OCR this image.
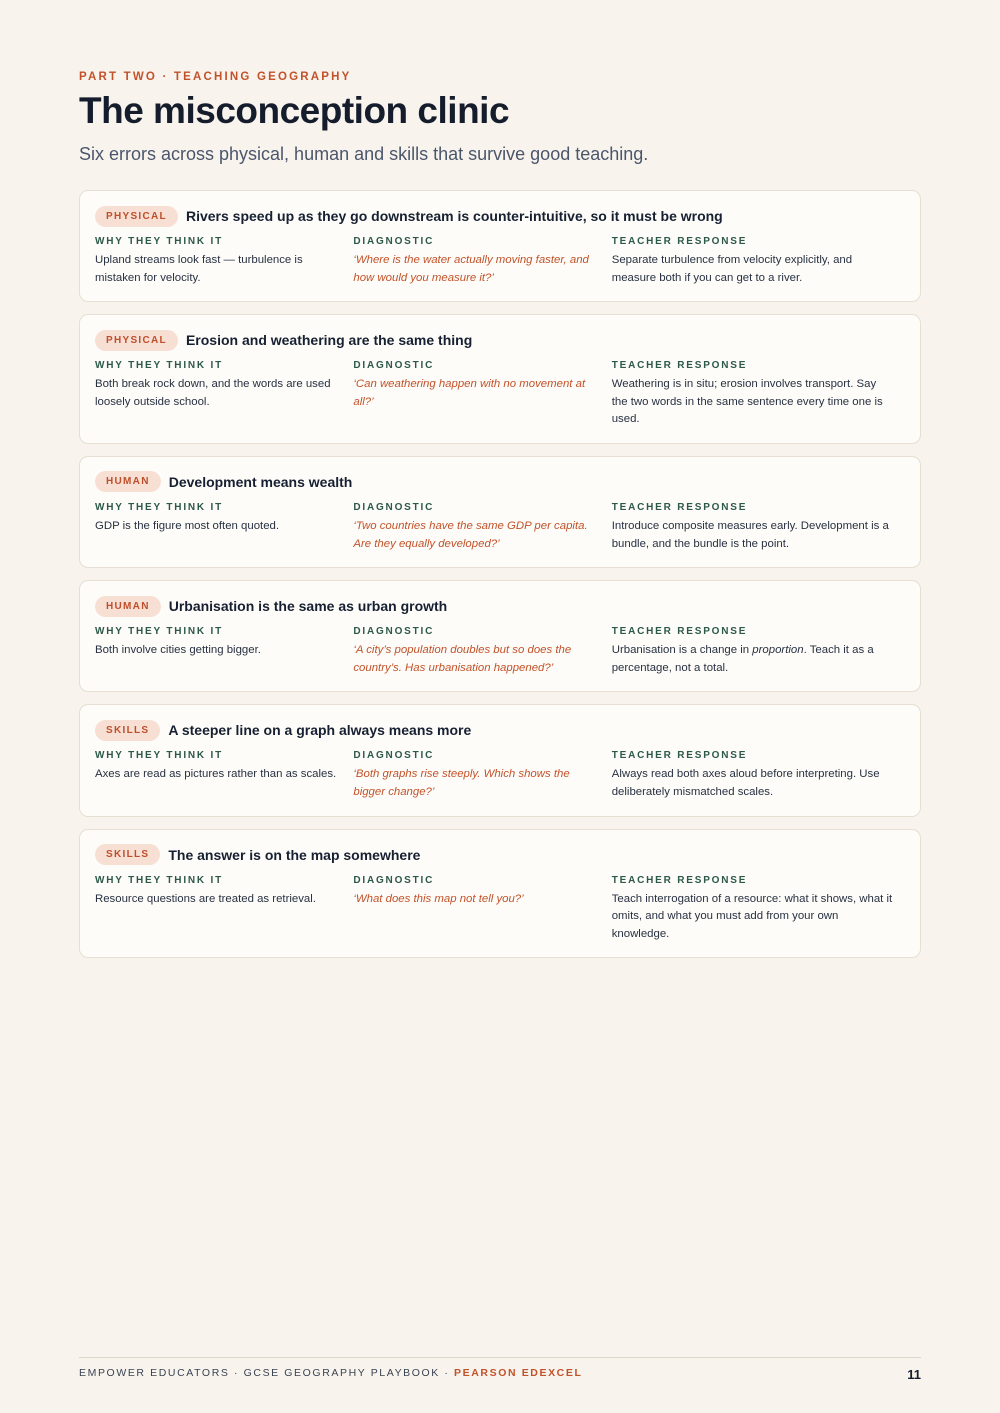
PART TWO · TEACHING GEOGRAPHY
The misconception clinic
Six errors across physical, human and skills that survive good teaching.
PHYSICAL	Rivers speed up as they go downstream is counter-intuitive, so it must be wrong
WHY THEY THINK IT
Upland streams look fast — turbulence is mistaken for velocity.
DIAGNOSTIC
‘Where is the water actually moving faster, and how would you measure it?’
TEACHER RESPONSE
Separate turbulence from velocity explicitly, and measure both if you can get to a river.
PHYSICAL	Erosion and weathering are the same thing
WHY THEY THINK IT
Both break rock down, and the words are used loosely outside school.
DIAGNOSTIC
‘Can weathering happen with no movement at all?’
TEACHER RESPONSE
Weathering is in situ; erosion involves transport. Say the two words in the same sentence every time one is used.
HUMAN	Development means wealth
WHY THEY THINK IT
GDP is the figure most often quoted.
DIAGNOSTIC
‘Two countries have the same GDP per capita. Are they equally developed?’
TEACHER RESPONSE
Introduce composite measures early. Development is a bundle, and the bundle is the point.
HUMAN	Urbanisation is the same as urban growth
WHY THEY THINK IT
Both involve cities getting bigger.
DIAGNOSTIC
‘A city’s population doubles but so does the country’s. Has urbanisation happened?’
TEACHER RESPONSE
Urbanisation is a change in proportion. Teach it as a percentage, not a total.
SKILLS	A steeper line on a graph always means more
WHY THEY THINK IT
Axes are read as pictures rather than as scales.
DIAGNOSTIC
‘Both graphs rise steeply. Which shows the bigger change?’
TEACHER RESPONSE
Always read both axes aloud before interpreting. Use deliberately mismatched scales.
SKILLS	The answer is on the map somewhere
WHY THEY THINK IT
Resource questions are treated as retrieval.
DIAGNOSTIC
‘What does this map not tell you?’
TEACHER RESPONSE
Teach interrogation of a resource: what it shows, what it omits, and what you must add from your own knowledge.
EMPOWER EDUCATORS · GCSE GEOGRAPHY PLAYBOOK · PEARSON EDEXCEL	11
